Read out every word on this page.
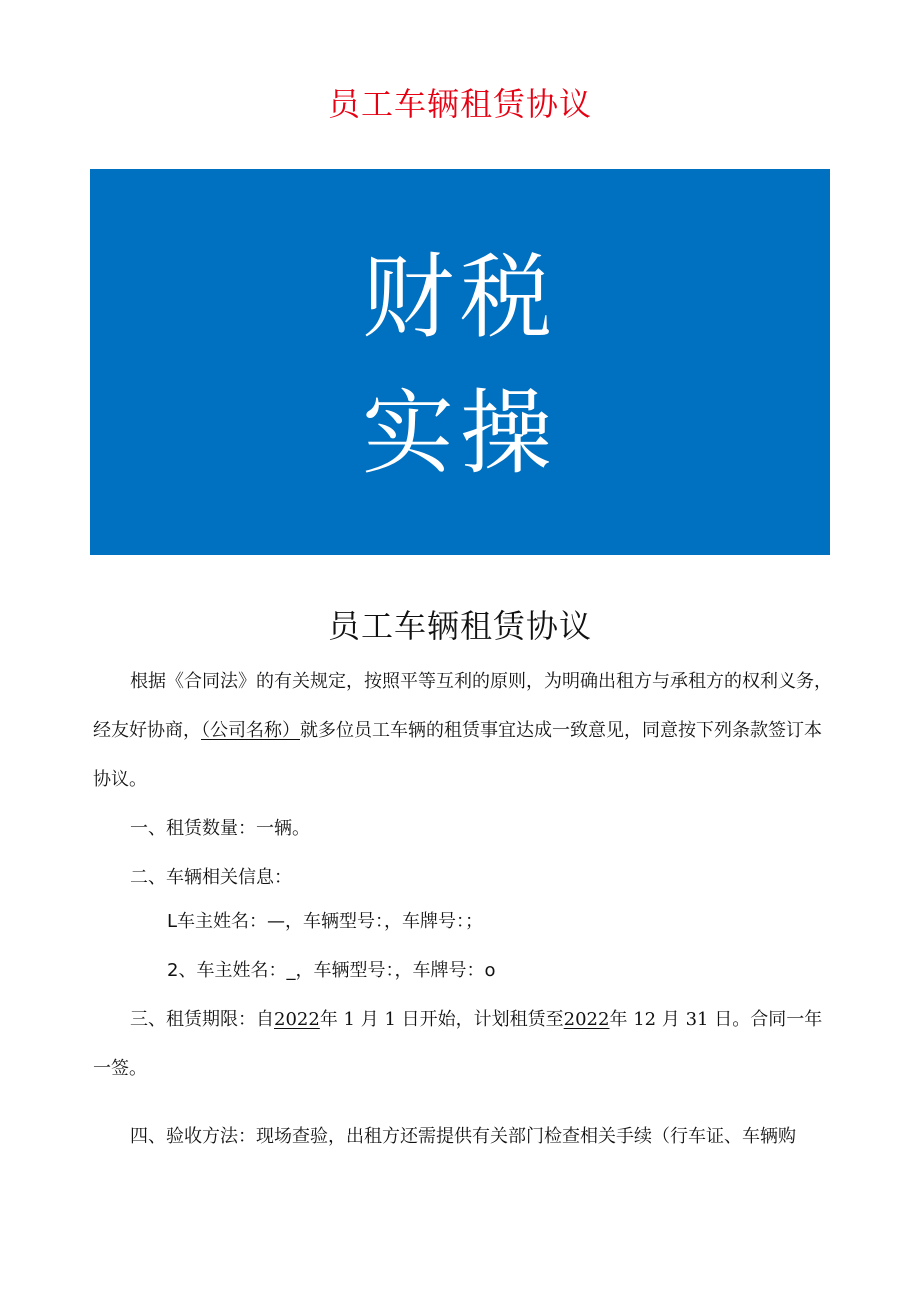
员工车辆租赁协议
财税
实操
员工车辆租赁协议
根据《合同法》的有关规定，按照平等互利的原则，为明确出租方与承租方的权利义务，
经友好协商，（公司名称）就多位员工车辆的租赁事宜达成一致意见，同意按下列条款签订本
协议。
一、租赁数量：一辆。
二、车辆相关信息：
L车主姓名：—，车辆型号：，车牌号：；
2、车主姓名：_，车辆型号：，车牌号：o
三、租赁期限：自2022年 1 月 1 日开始，计划租赁至2022年 12 月 31 日。合同一年
一签。
四、验收方法：现场查验，出租方还需提供有关部门检查相关手续（行车证、车辆购
